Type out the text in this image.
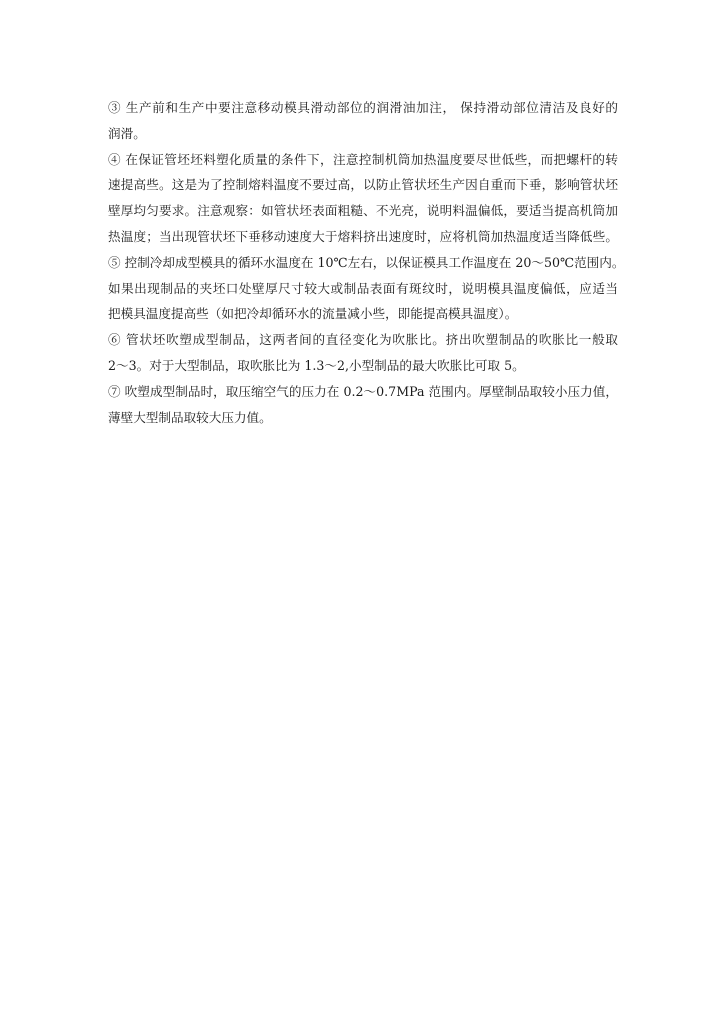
③ 生产前和生产中要注意移动模具滑动部位的润滑油加注， 保持滑动部位清洁及良好的
润滑。
④ 在保证管坯坯料塑化质量的条件下，注意控制机筒加热温度要尽世低些，而把螺杆的转
速提高些。这是为了控制熔料温度不要过高，以防止管状坯生产因自重而下垂，影响管状坯
壁厚均匀要求。注意观察：如管状坯表面粗糙、不光亮，说明料温偏低，要适当提高机筒加
热温度；当出现管状坯下垂移动速度大于熔料挤出速度时，应将机筒加热温度适当降低些。
⑤ 控制冷却成型模具的循环水温度在 10℃左右，以保证模具工作温度在 20～50℃范围内。
如果出现制品的夹坯口处壁厚尺寸较大或制品表面有斑纹时，说明模具温度偏低，应适当
把模具温度提高些（如把冷却循环水的流量减小些，即能提高模具温度）。
⑥ 管状坯吹塑成型制品，这两者间的直径变化为吹胀比。挤出吹塑制品的吹胀比一般取
2～3。对于大型制品，取吹胀比为 1.3～2,小型制品的最大吹胀比可取 5。
⑦ 吹塑成型制品时，取压缩空气的压力在 0.2～0.7MPa 范围内。厚壁制品取较小压力值，
薄壁大型制品取较大压力值。
